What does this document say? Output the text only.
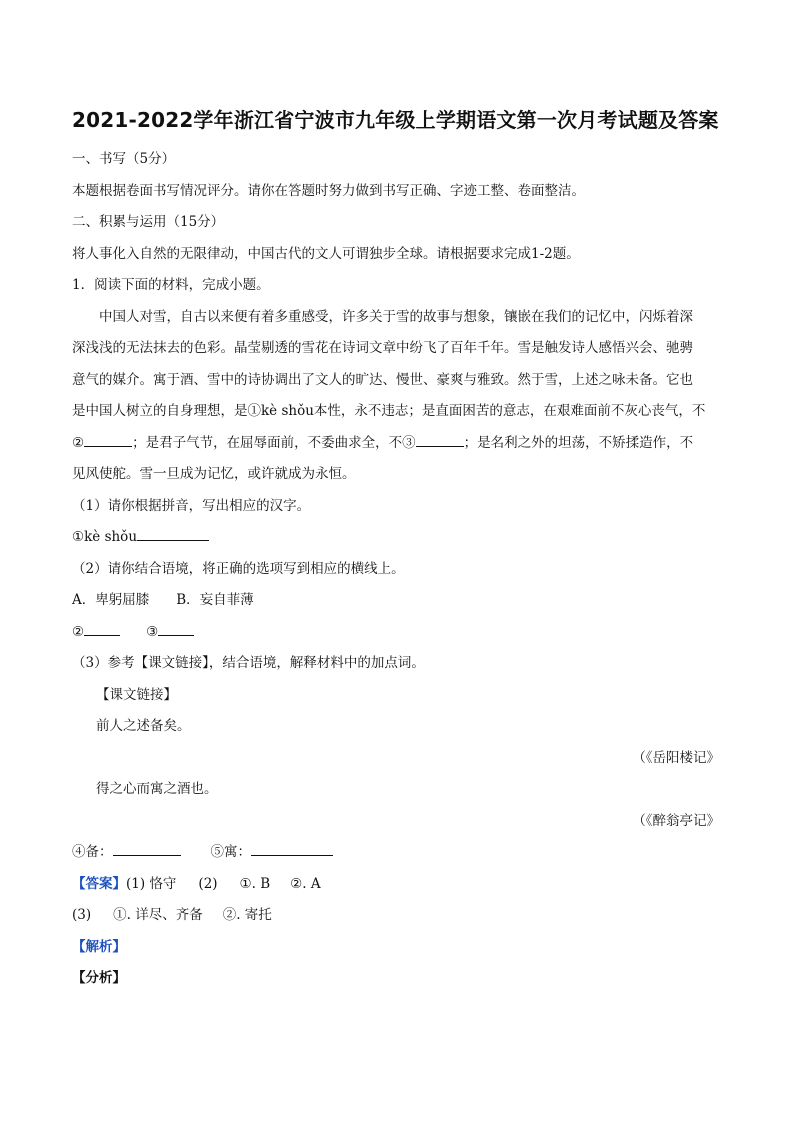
2021-2022学年浙江省宁波市九年级上学期语文第一次月考试题及答案
一、书写（5分）
本题根据卷面书写情况评分。请你在答题时努力做到书写正确、字迹工整、卷面整洁。
二、积累与运用（15分）
将人事化入自然的无限律动，中国古代的文人可谓独步全球。请根据要求完成1-2题。
1．阅读下面的材料，完成小题。
中国人对雪，自古以来便有着多重感受，许多关于雪的故事与想象，镶嵌在我们的记忆中，闪烁着深
深浅浅的无法抹去的色彩。晶莹剔透的雪花在诗词文章中纷飞了百年千年。雪是触发诗人感悟兴会、驰骋
意气的媒介。寓于酒、雪中的诗协调出了文人的旷达、慢世、豪爽与雅致。然于雪，上述之咏未备。它也
是中国人树立的自身理想，是①kè shǒu本性，永不违志；是直面困苦的意志，在艰难面前不灰心丧气，不
②	；是君子气节，在屈辱面前，不委曲求全，不③	；是名利之外的坦荡，不矫揉造作，不
见风使舵。雪一旦成为记忆，或许就成为永恒。
（1）请你根据拼音，写出相应的汉字。
①kè shǒu
（2）请你结合语境，将正确的选项写到相应的横线上。
A．卑躬屈膝　　B．妄自菲薄
②	③
（3）参考【课文链接】，结合语境，解释材料中的加点词。
【课文链接】
前人之述备矣。
（《岳阳楼记》
得之心而寓之酒也。
（《醉翁亭记》
④备：	⑤寓：
【答案】(1) 恪守 (2) ①. B ②. A
(3) ①. 详尽、齐备 ②. 寄托
【解析】
【分析】
